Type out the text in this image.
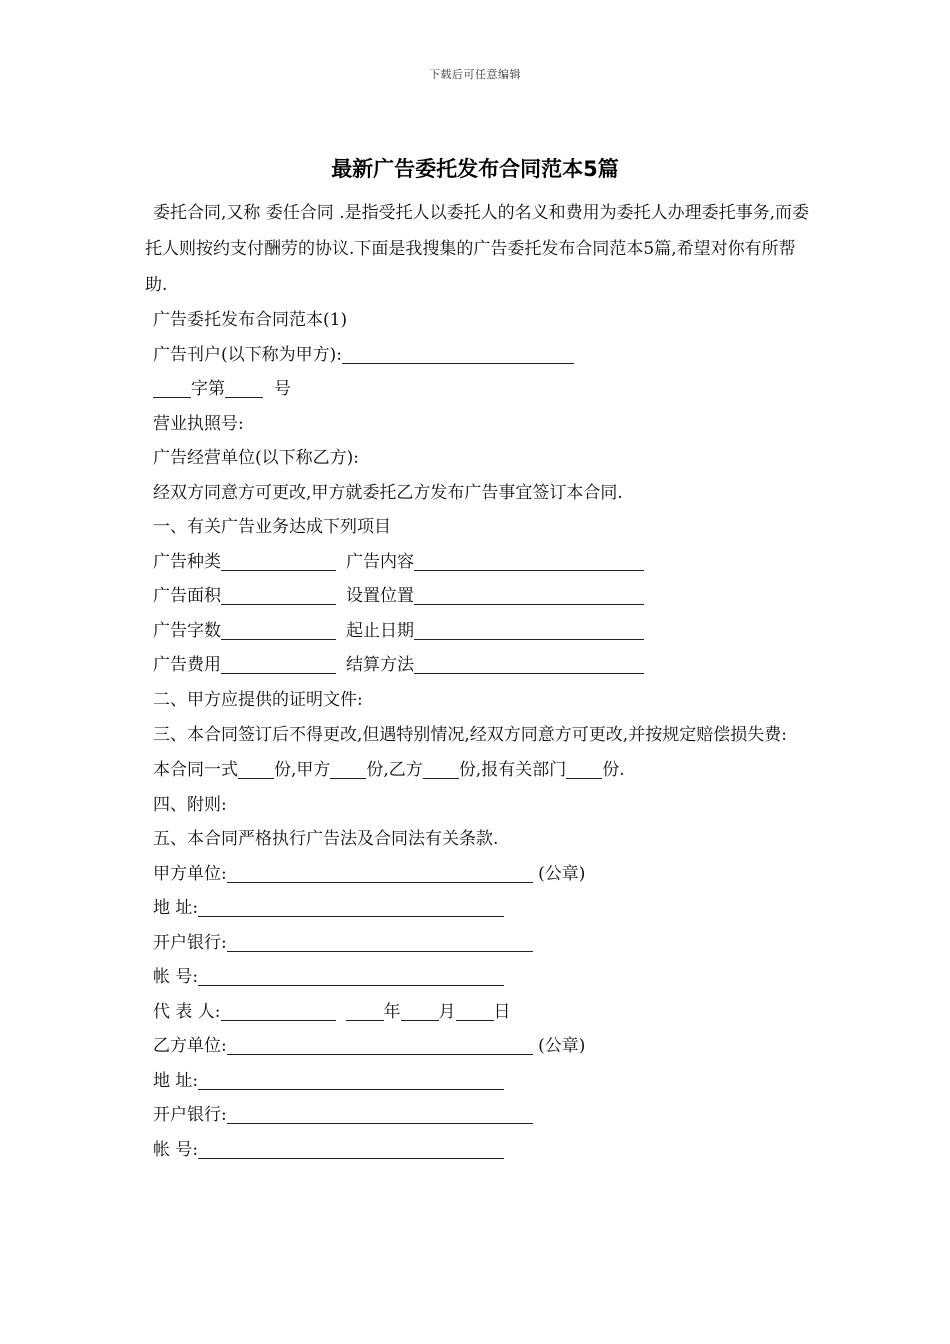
下载后可任意编辑
最新广告委托发布合同范本5篇

委托合同,又称 委任合同 .是指受托人以委托人的名义和费用为委托人办理委托事务,而委托人则按约支付酬劳的协议.下面是我搜集的广告委托发布合同范本5篇,希望对你有所帮助.

广告委托发布合同范本(1)
广告刊户(以下称为甲方):
字第	号
营业执照号:
广告经营单位(以下称乙方):
经双方同意方可更改,甲方就委托乙方发布广告事宜签订本合同.
一、有关广告业务达成下列项目
广告种类	广告内容
广告面积	设置位置
广告字数	起止日期
广告费用	结算方法
二、甲方应提供的证明文件:
三、本合同签订后不得更改,但遇特别情况,经双方同意方可更改,并按规定赔偿损失费:
本合同一式 份,甲方 份,乙方 份,报有关部门 份.
四、附则:
五、本合同严格执行广告法及合同法有关条款.
甲方单位:	(公章)
地 址:
开户银行:
帐 号:
代 表 人:	年 月 日
乙方单位:	(公章)
地 址:
开户银行:
帐 号:
